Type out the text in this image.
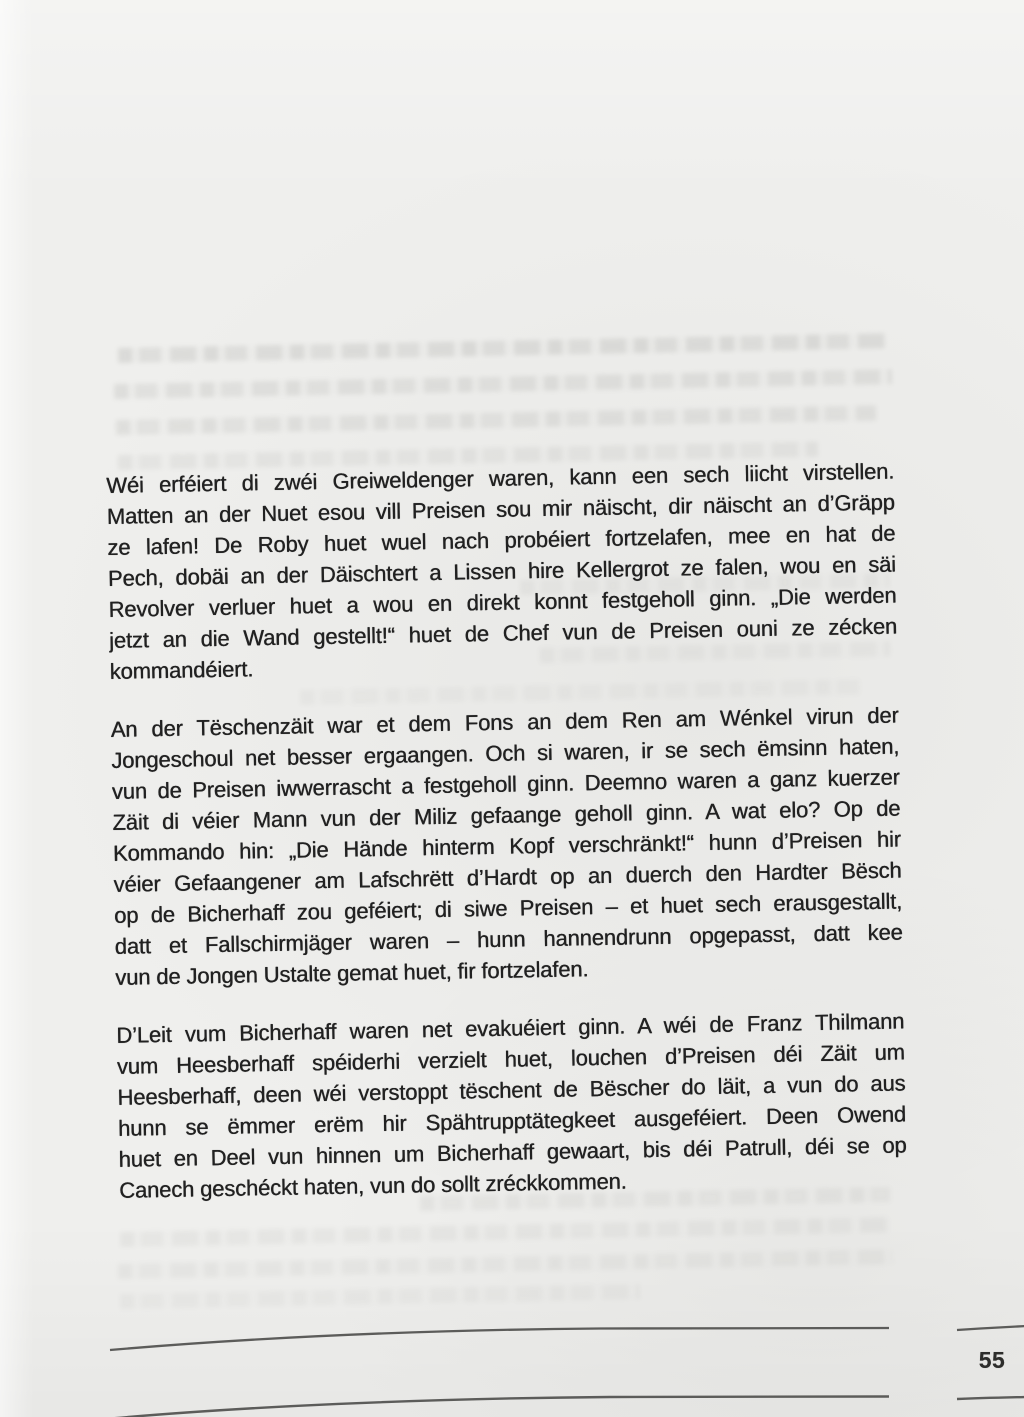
Wéi erféiert di zwéi Greiweldenger waren, kann een sech liicht virstellen.
Matten an der Nuet esou vill Preisen sou mir näischt, dir näischt an d’Gräpp
ze lafen! De Roby huet wuel nach probéiert fortzelafen, mee en hat de
Pech, dobäi an der Däischtert a Lissen hire Kellergrot ze falen, wou en säi
Revolver verluer huet a wou en direkt konnt festgeholl ginn. „Die werden
jetzt an die Wand gestellt!“ huet de Chef vun de Preisen ouni ze zécken
kommandéiert.
An der Tëschenzäit war et dem Fons an dem Ren am Wénkel virun der
Jongeschoul net besser ergaangen. Och si waren, ir se sech ëmsinn haten,
vun de Preisen iwwerrascht a festgeholl ginn. Deemno waren a ganz kuerzer
Zäit di véier Mann vun der Miliz gefaange geholl ginn. A wat elo? Op de
Kommando hin: „Die Hände hinterm Kopf verschränkt!“ hunn d’Preisen hir
véier Gefaangener am Lafschrëtt d’Hardt op an duerch den Hardter Bësch
op de Bicherhaff zou geféiert; di siwe Preisen – et huet sech erausgestallt,
datt et Fallschirmjäger waren – hunn hannendrunn opgepasst, datt kee
vun de Jongen Ustalte gemat huet, fir fortzelafen.
D’Leit vum Bicherhaff waren net evakuéiert ginn. A wéi de Franz Thilmann
vum Heesberhaff spéiderhi verzielt huet, louchen d’Preisen déi Zäit um
Heesberhaff, deen wéi verstoppt tëschent de Bëscher do läit, a vun do aus
hunn se ëmmer erëm hir Spähtrupptätegkeet ausgeféiert. Deen Owend
huet en Deel vun hinnen um Bicherhaff gewaart, bis déi Patrull, déi se op
Canech geschéckt haten, vun do sollt zréckkommen.
55
